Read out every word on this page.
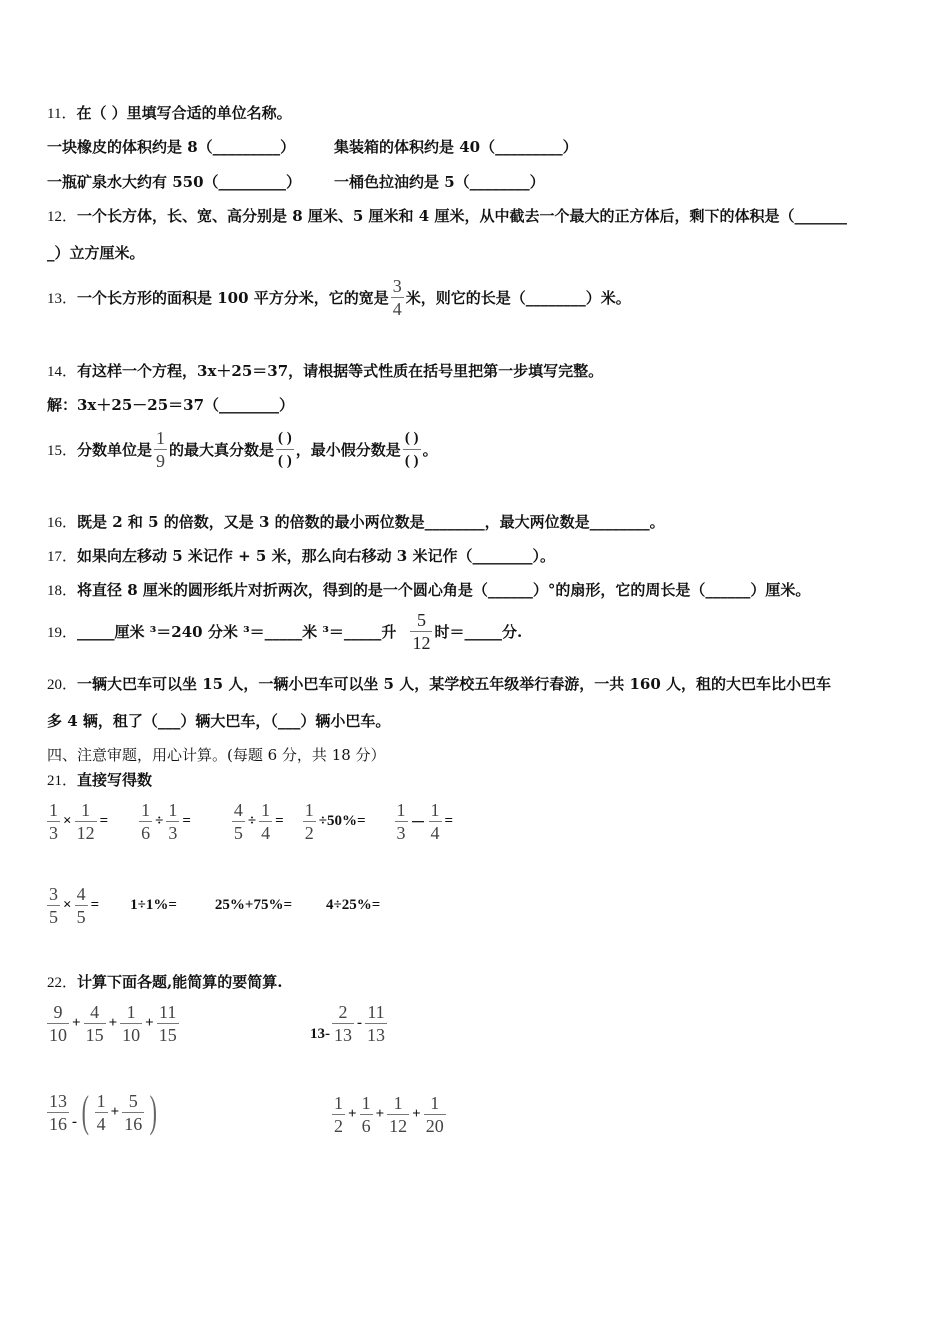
11．在（ ）里填写合适的单位名称。
一块橡皮的体积约是 8（_________）	集装箱的体积约是 40（_________）
一瓶矿泉水大约有 550（_________） 一桶色拉油约是 5（________）
12．一个长方体，长、宽、高分别是 8 厘米、5 厘米和 4 厘米，从中截去一个最大的正方体后，剩下的体积是（_______
_）立方厘米。
13． 一个长方形的面积是 100 平方分米，它的宽是 $\frac{3}{4}$ 米，则它的长是（________）米。
14．有这样一个方程，3x＋25＝37，请根据等式性质在括号里把第一步填写完整。
解：3x＋25－25＝37（________）
15． 分数单位是 $\frac{1}{9}$ 的最大真分数是 $\frac{( )}{( )}$ ，最小假分数是 $\frac{( )}{( )}$ 。
16．既是 2 和 5 的倍数，又是 3 的倍数的最小两位数是________，最大两位数是________。
17．如果向左移动 5 米记作 + 5 米，那么向右移动 3 米记作（________）。
18．将直径 8 厘米的圆形纸片对折两次，得到的是一个圆心角是（______）°的扇形，它的周长是（______）厘米。
19． _____厘米 ³＝240 分米 ³＝_____米 ³＝_____升 $\frac{5}{12}$ 时＝_____分.
20．一辆大巴车可以坐 15 人，一辆小巴车可以坐 5 人，某学校五年级举行春游，一共 160 人，租的大巴车比小巴车
多 4 辆，租了（___）辆大巴车，（___）辆小巴车。
四、注意审题，用心计算。(每题 6 分，共 18 分）
21．直接写得数
$\frac{1}{3} \times \frac{1}{12} = \frac{1}{6} \div \frac{1}{3} = \frac{4}{5} \div \frac{1}{4} = \frac{1}{2} \div 50\%= \frac{1}{3} - \frac{1}{4}$ =
$\frac{3}{5} \times \frac{4}{5} = 1\div 1\%=$	25%+75%= 4÷25%=
22．计算下面各题,能简算的要简算.
$\frac{9}{10} + \frac{4}{15} + \frac{1}{10} + \frac{11}{15}$	$13- \frac{2}{13} - \frac{11}{13}$
$\frac{13}{16}$ - ( $\frac{1}{4} + \frac{5}{16}$ )	$\frac{1}{2} + \frac{1}{6} + \frac{1}{12} + \frac{1}{20}$
